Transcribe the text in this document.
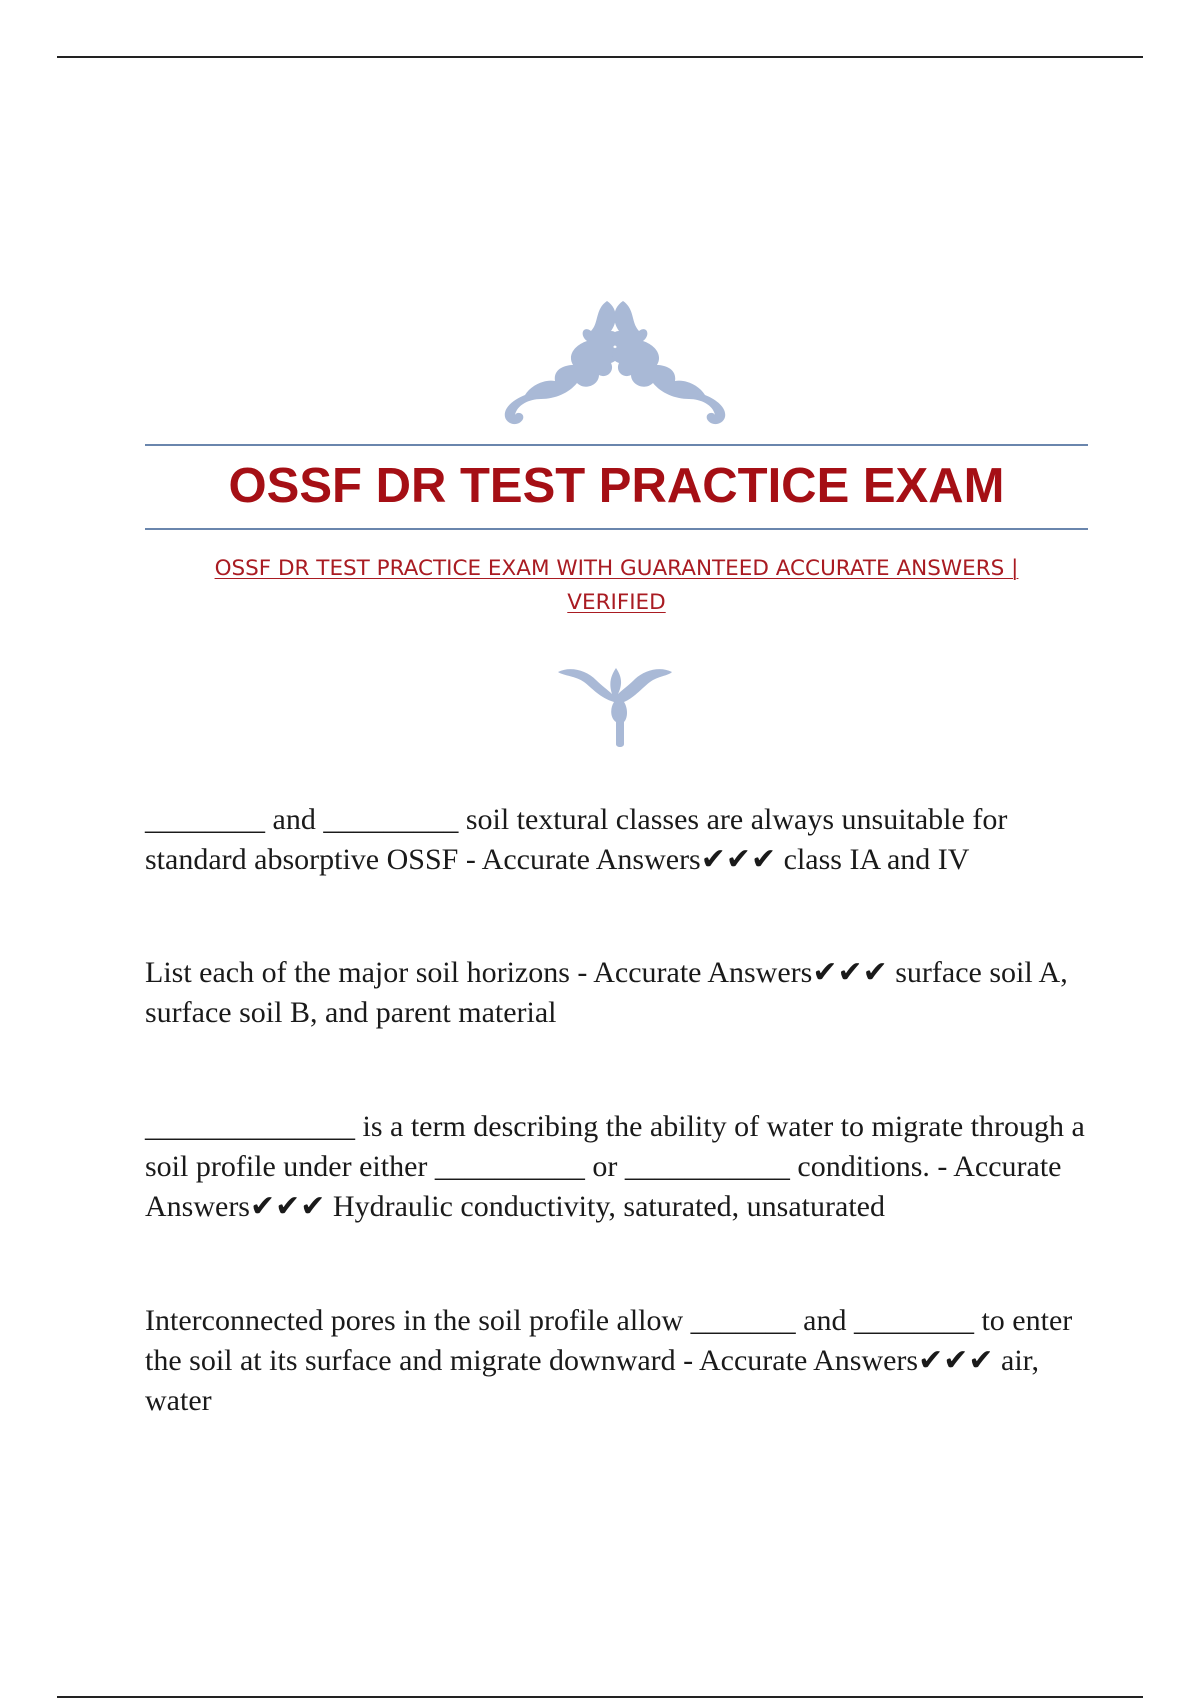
OSSF DR TEST PRACTICE EXAM
OSSF DR TEST PRACTICE EXAM WITH GUARANTEED ACCURATE ANSWERS | VERIFIED
________ and _________ soil textural classes are always unsuitable for standard absorptive OSSF - Accurate Answers✔✔✔ class IA and IV
List each of the major soil horizons - Accurate Answers✔✔✔ surface soil A, surface soil B, and parent material
______________ is a term describing the ability of water to migrate through a soil profile under either __________ or ___________ conditions. - Accurate Answers✔✔✔ Hydraulic conductivity, saturated, unsaturated
Interconnected pores in the soil profile allow _______ and ________ to enter the soil at its surface and migrate downward - Accurate Answers✔✔✔ air, water
